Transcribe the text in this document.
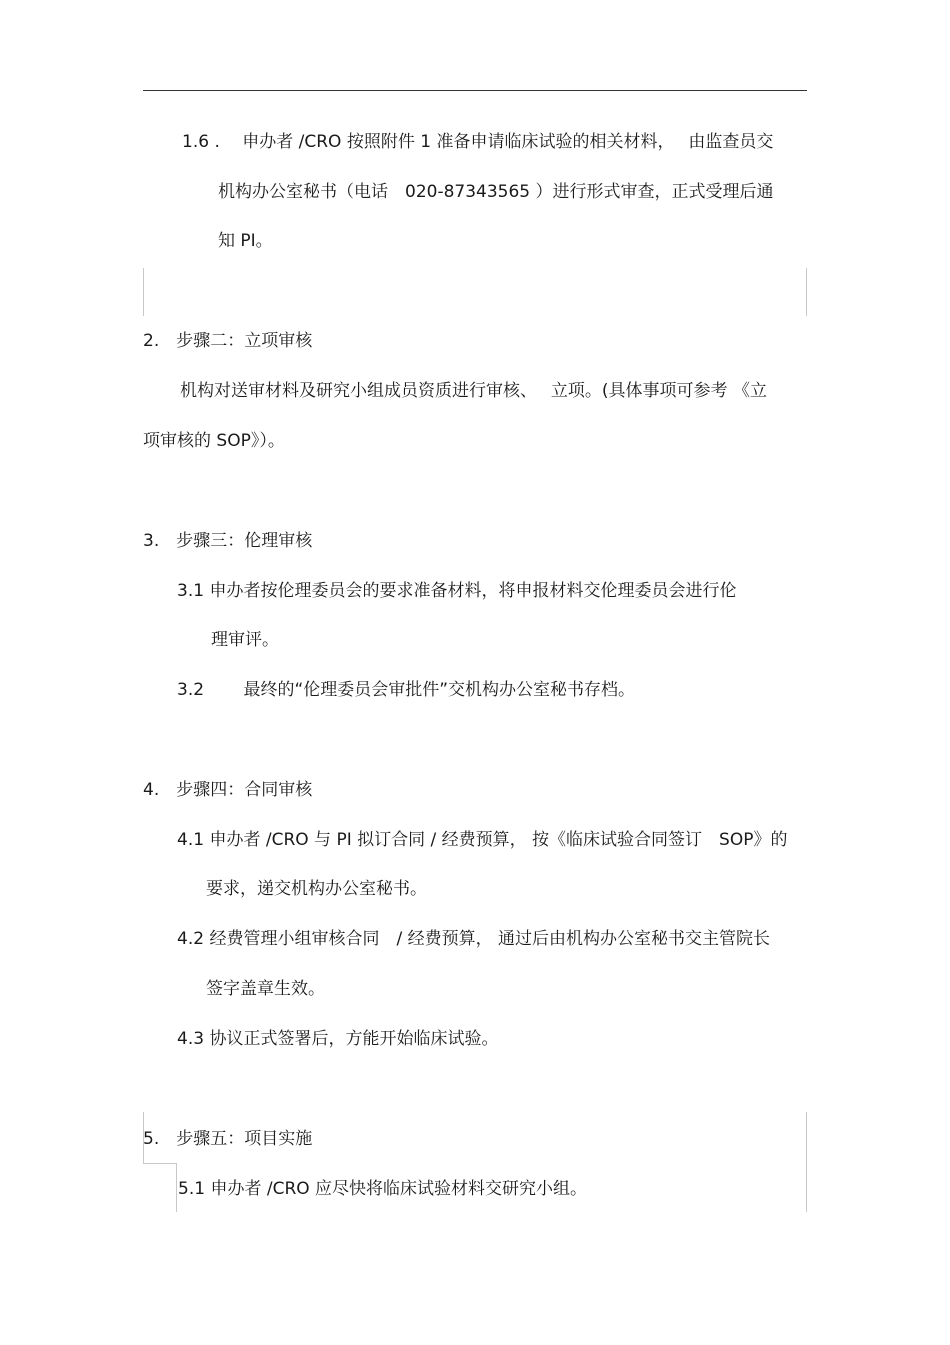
1.6 .　 申办者 /CRO 按照附件 1 准备申请临床试验的相关材料，　 由监查员交
机构办公室秘书（电话　020-87343565 ）进行形式审查，正式受理后通
知 PI。
2.　步骤二：立项审核
机构对送审材料及研究小组成员资质进行审核、　 立项。(具体事项可参考 《立
项审核的 SOP》）。
3.　步骤三：伦理审核
3.1 申办者按伦理委员会的要求准备材料，将申报材料交伦理委员会进行伦
理审评。
3.2　　 最终的“伦理委员会审批件”交机构办公室秘书存档。
4.　步骤四：合同审核
4.1 申办者 /CRO 与 PI 拟订合同 / 经费预算， 按《临床试验合同签订　SOP》的
要求，递交机构办公室秘书。
4.2 经费管理小组审核合同　/ 经费预算， 通过后由机构办公室秘书交主管院长
签字盖章生效。
4.3 协议正式签署后，方能开始临床试验。
5.　步骤五：项目实施
5.1 申办者 /CRO 应尽快将临床试验材料交研究小组。
